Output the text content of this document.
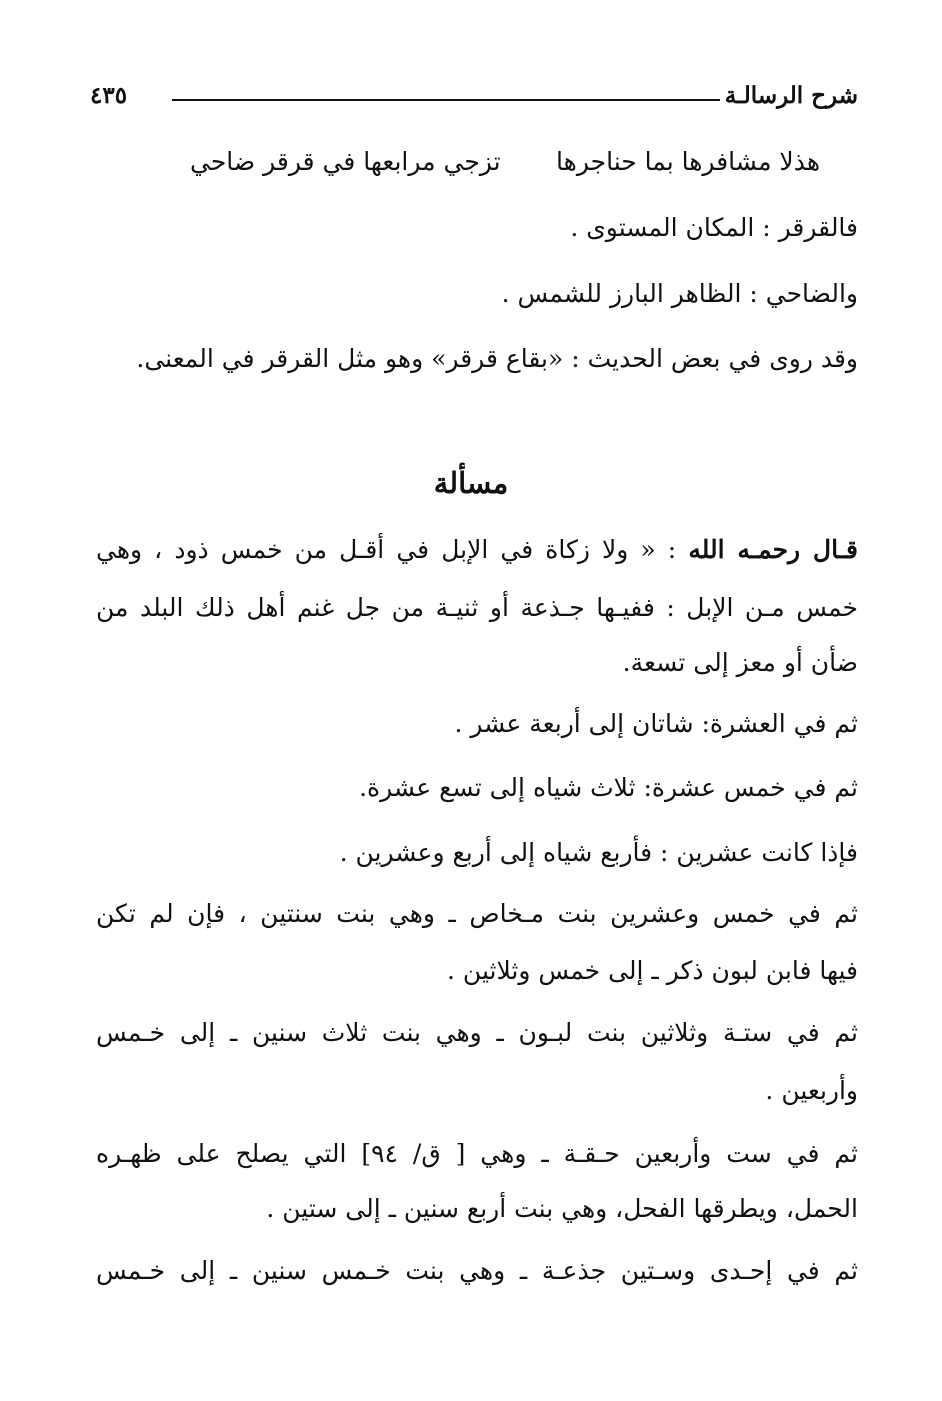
شرح الرسالـة
٤٣٥
هذلا مشافرها بما حناجرها
تزجي مرابعها في قرقر ضاحي
فالقرقر : المكان المستوى .
والضاحي : الظاهر البارز للشمس .
وقد روى في بعض الحديث : «بقاع قرقر» وهو مثل القرقر في المعنى.
مسألة
قـال رحمـه الله : « ولا زكاة في الإبل في أقـل من خمس ذود ، وهي
خمس مـن الإبل : ففيـها جـذعة أو ثنيـة من جل غنم أهل ذلك البلد من
ضأن أو معز إلى تسعة.
ثم في العشرة: شاتان إلى أربعة عشر .
ثم في خمس عشرة: ثلاث شياه إلى تسع عشرة.
فإذا كانت عشرين : فأربع شياه إلى أربع وعشرين .
ثم في خمس وعشرين بنت مـخاص ـ وهي بنت سنتين ، فإن لم تكن
فيها فابن لبون ذكر ـ إلى خمس وثلاثين .
ثم في ستـة وثلاثين بنت لبـون ـ وهي بنت ثلاث سنين ـ إلى خـمس
وأربعين .
ثم في ست وأربعين حـقـة ـ وهي [ ق/ ٩٤] التي يصلح على ظهـره
الحمل، ويطرقها الفحل، وهي بنت أربع سنين ـ إلى ستين .
ثم في إحـدى وسـتين جذعـة ـ وهي بنت خـمس سنين ـ إلى خـمس
